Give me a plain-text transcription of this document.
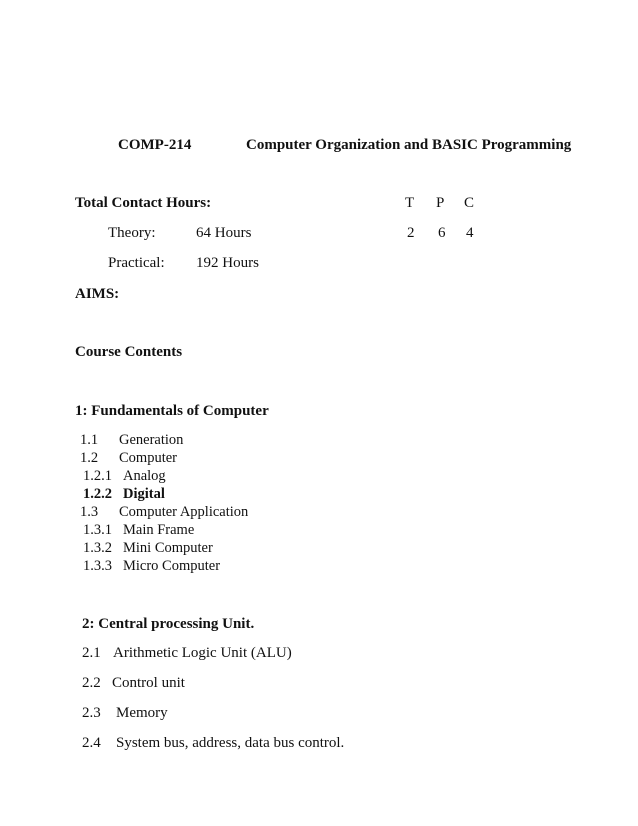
COMP-214	Computer Organization and BASIC Programming
Total Contact Hours:	T P C
Theory:	64 Hours	2 6 4
Practical: 192 Hours
AIMS:
Course Contents
1: Fundamentals of Computer
1.1 Generation
1.2 Computer
1.2.1 Analog
1.2.2 Digital
1.3 Computer Application
1.3.1 Main Frame
1.3.2 Mini Computer
1.3.3 Micro Computer
2: Central processing Unit.
2.1 Arithmetic Logic Unit (ALU)
2.2 Control unit
2.3 Memory
2.4 System bus, address, data bus control.
